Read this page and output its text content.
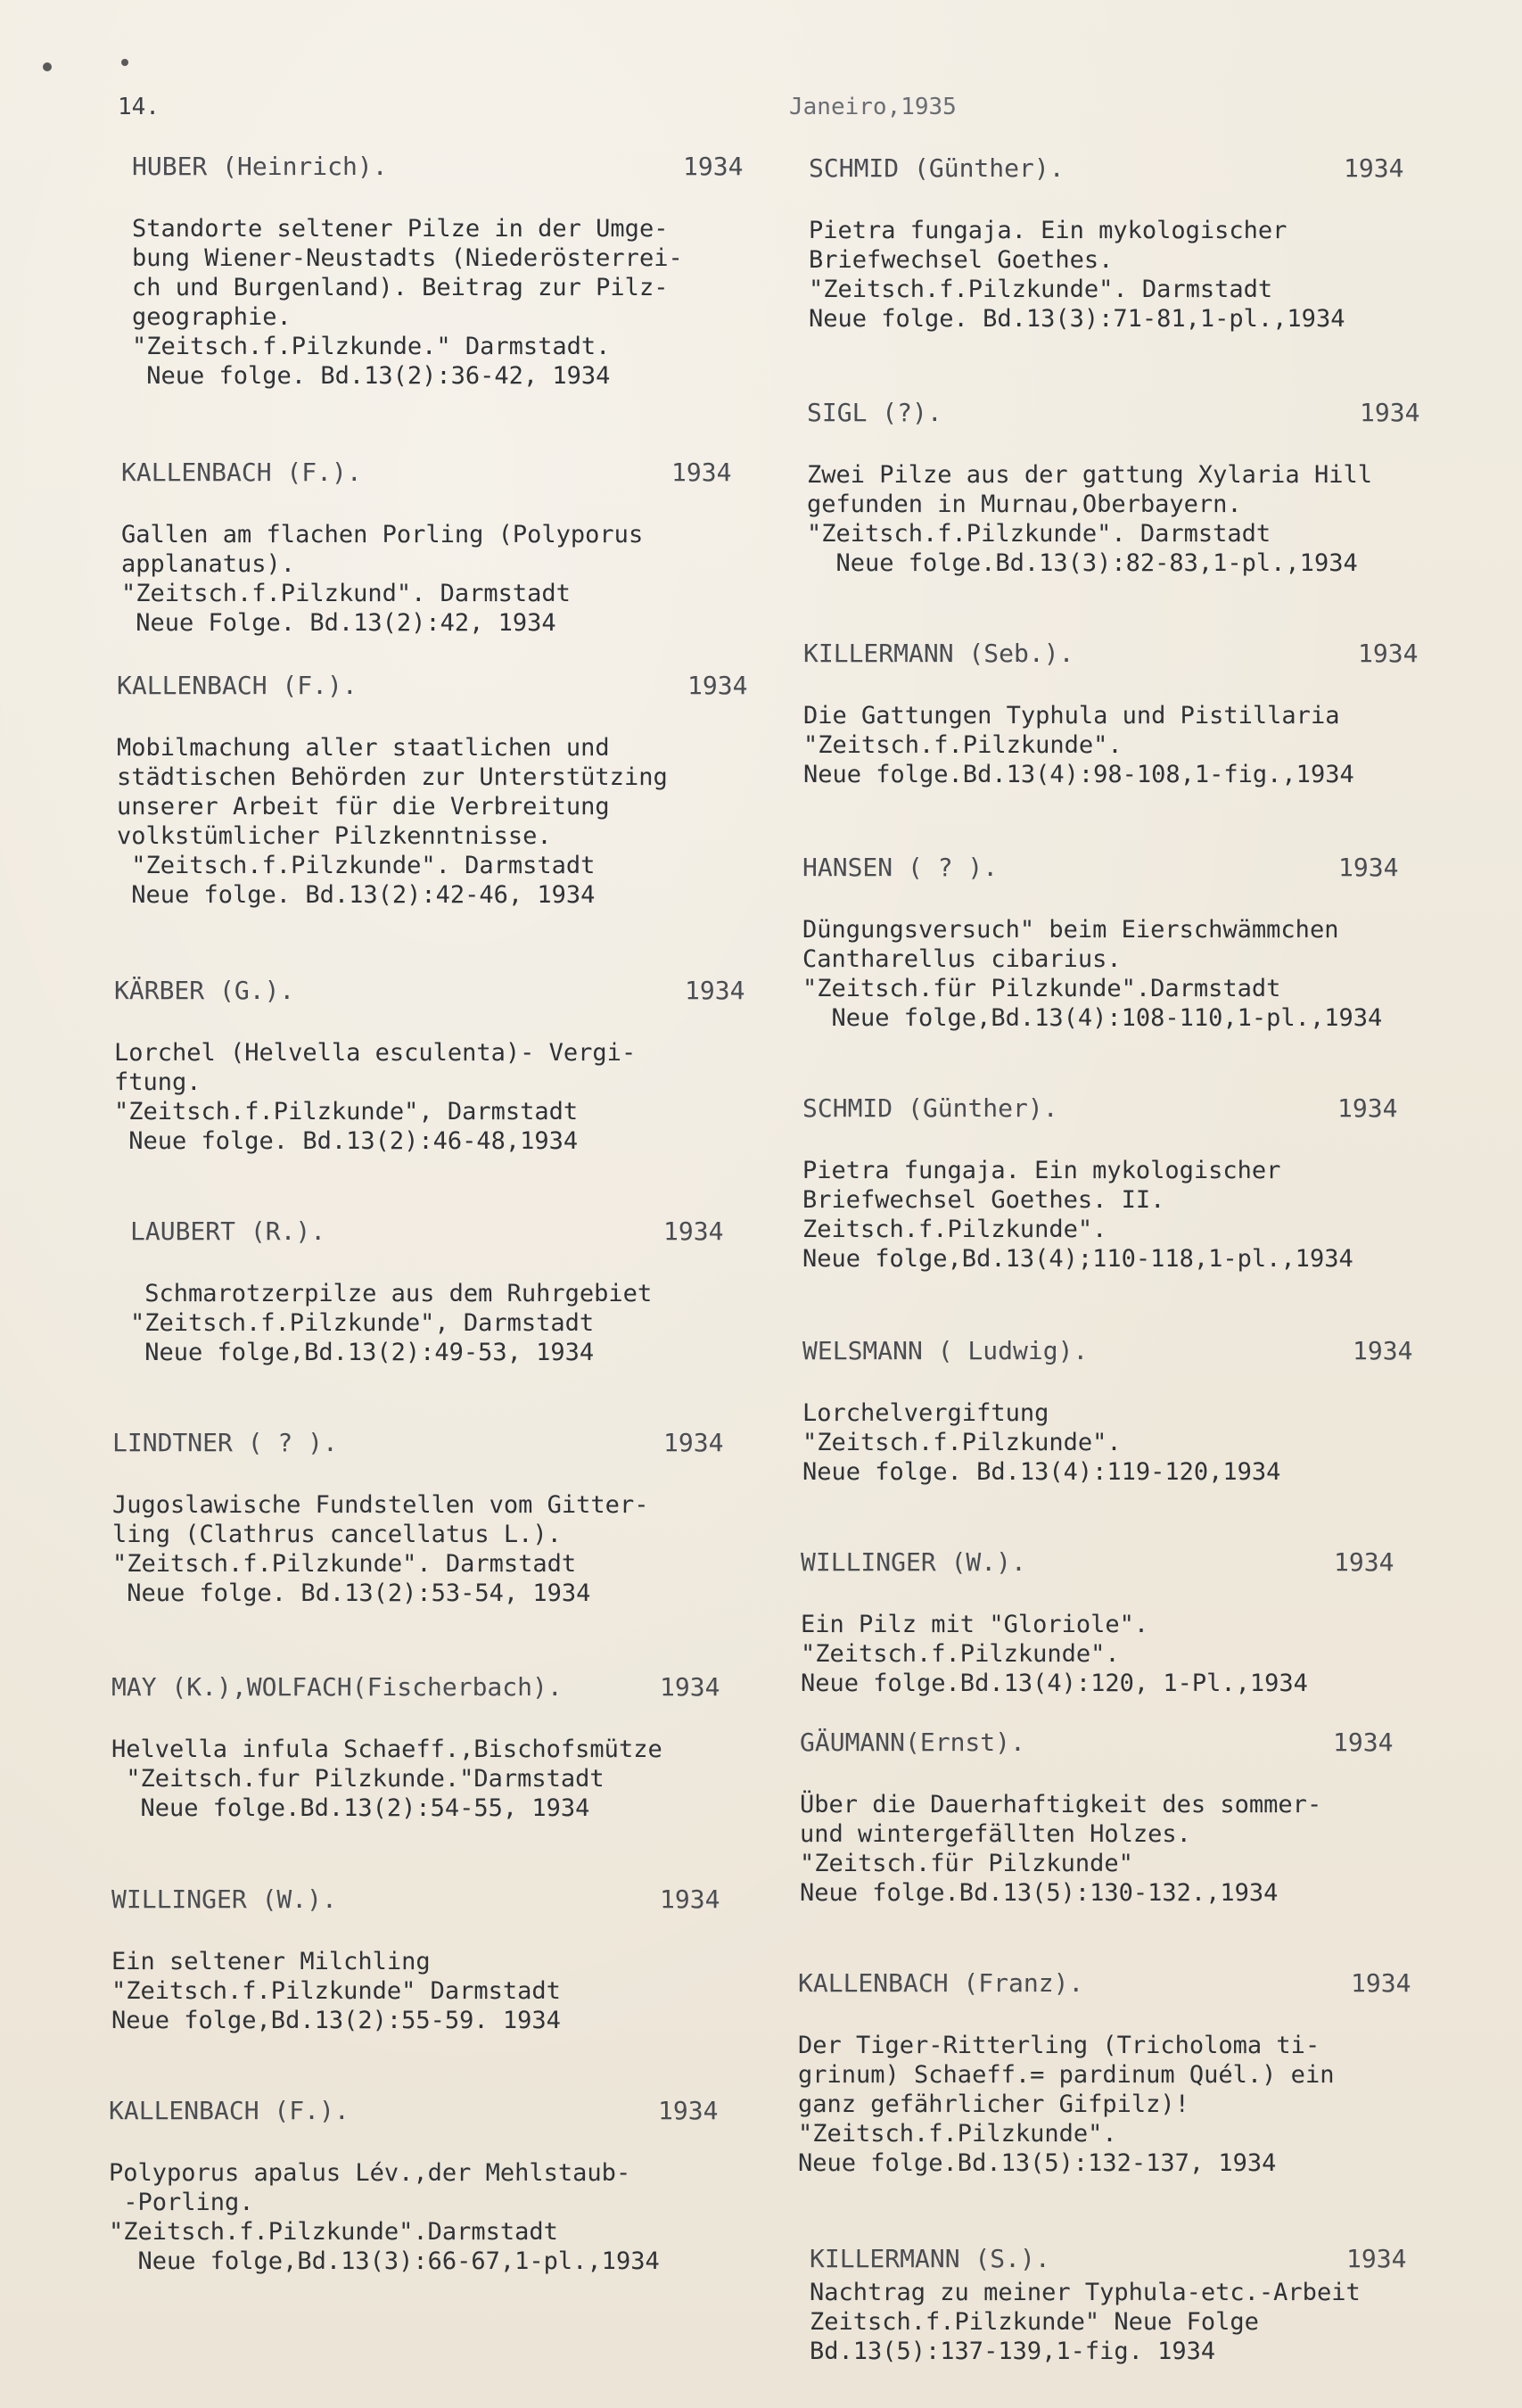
14.	Janeiro,1935
HUBER (Heinrich).	1934
Standorte seltener Pilze in der Umge-
bung Wiener-Neustadts (Niederösterrei-
ch und Burgenland). Beitrag zur Pilz-
geographie.
"Zeitsch.f.Pilzkunde." Darmstadt.
Neue folge. Bd.13(2):36-42, 1934
KALLENBACH (F.).	1934
Gallen am flachen Porling (Polyporus
applanatus).
"Zeitsch.f.Pilzkund". Darmstadt
Neue Folge. Bd.13(2):42, 1934
KALLENBACH (F.).	1934
Mobilmachung aller staatlichen und
städtischen Behörden zur Unterstützing
unserer Arbeit für die Verbreitung
volkstümlicher Pilzkenntnisse.
"Zeitsch.f.Pilzkunde". Darmstadt
Neue folge. Bd.13(2):42-46, 1934
KÄRBER (G.).	1934
Lorchel (Helvella esculenta)- Vergi-
ftung.
"Zeitsch.f.Pilzkunde", Darmstadt
Neue folge. Bd.13(2):46-48,1934
LAUBERT (R.).	1934
Schmarotzerpilze aus dem Ruhrgebiet
"Zeitsch.f.Pilzkunde", Darmstadt
Neue folge,Bd.13(2):49-53, 1934
LINDTNER ( ? ).	1934
Jugoslawische Fundstellen vom Gitter-
ling (Clathrus cancellatus L.).
"Zeitsch.f.Pilzkunde". Darmstadt
Neue folge. Bd.13(2):53-54, 1934
MAY (K.),WOLFACH(Fischerbach).	1934
Helvella infula Schaeff.,Bischofsmütze
"Zeitsch.fur Pilzkunde."Darmstadt
Neue folge.Bd.13(2):54-55, 1934
WILLINGER (W.).	1934
Ein seltener Milchling
"Zeitsch.f.Pilzkunde" Darmstadt
Neue folge,Bd.13(2):55-59. 1934
KALLENBACH (F.).	1934
Polyporus apalus Lév.,der Mehlstaub-
-Porling.
"Zeitsch.f.Pilzkunde".Darmstadt
Neue folge,Bd.13(3):66-67,1-pl.,1934
SCHMID (Günther).	1934
Pietra fungaja. Ein mykologischer
Briefwechsel Goethes.
"Zeitsch.f.Pilzkunde". Darmstadt
Neue folge. Bd.13(3):71-81,1-pl.,1934
SIGL (?).	1934
Zwei Pilze aus der gattung Xylaria Hill
gefunden in Murnau,Oberbayern.
"Zeitsch.f.Pilzkunde". Darmstadt
Neue folge.Bd.13(3):82-83,1-pl.,1934
KILLERMANN (Seb.).	1934
Die Gattungen Typhula und Pistillaria
"Zeitsch.f.Pilzkunde".
Neue folge.Bd.13(4):98-108,1-fig.,1934
HANSEN ( ? ).	1934
Düngungsversuch" beim Eierschwämmchen
Cantharellus cibarius.
"Zeitsch.für Pilzkunde".Darmstadt
Neue folge,Bd.13(4):108-110,1-pl.,1934
SCHMID (Günther).	1934
Pietra fungaja. Ein mykologischer
Briefwechsel Goethes. II.
Zeitsch.f.Pilzkunde".
Neue folge,Bd.13(4);110-118,1-pl.,1934
WELSMANN ( Ludwig).	1934
Lorchelvergiftung
"Zeitsch.f.Pilzkunde".
Neue folge. Bd.13(4):119-120,1934
WILLINGER (W.).	1934
Ein Pilz mit "Gloriole".
"Zeitsch.f.Pilzkunde".
Neue folge.Bd.13(4):120, 1-Pl.,1934
GÄUMANN(Ernst).	1934
Über die Dauerhaftigkeit des sommer-
und wintergefällten Holzes.
"Zeitsch.für Pilzkunde"
Neue folge.Bd.13(5):130-132.,1934
KALLENBACH (Franz).	1934
Der Tiger-Ritterling (Tricholoma ti-
grinum) Schaeff.= pardinum Quél.) ein
ganz gefährlicher Gifpilz)!
"Zeitsch.f.Pilzkunde".
Neue folge.Bd.13(5):132-137, 1934
KILLERMANN (S.).	1934
Nachtrag zu meiner Typhula-etc.-Arbeit
Zeitsch.f.Pilzkunde" Neue Folge
Bd.13(5):137-139,1-fig. 1934
